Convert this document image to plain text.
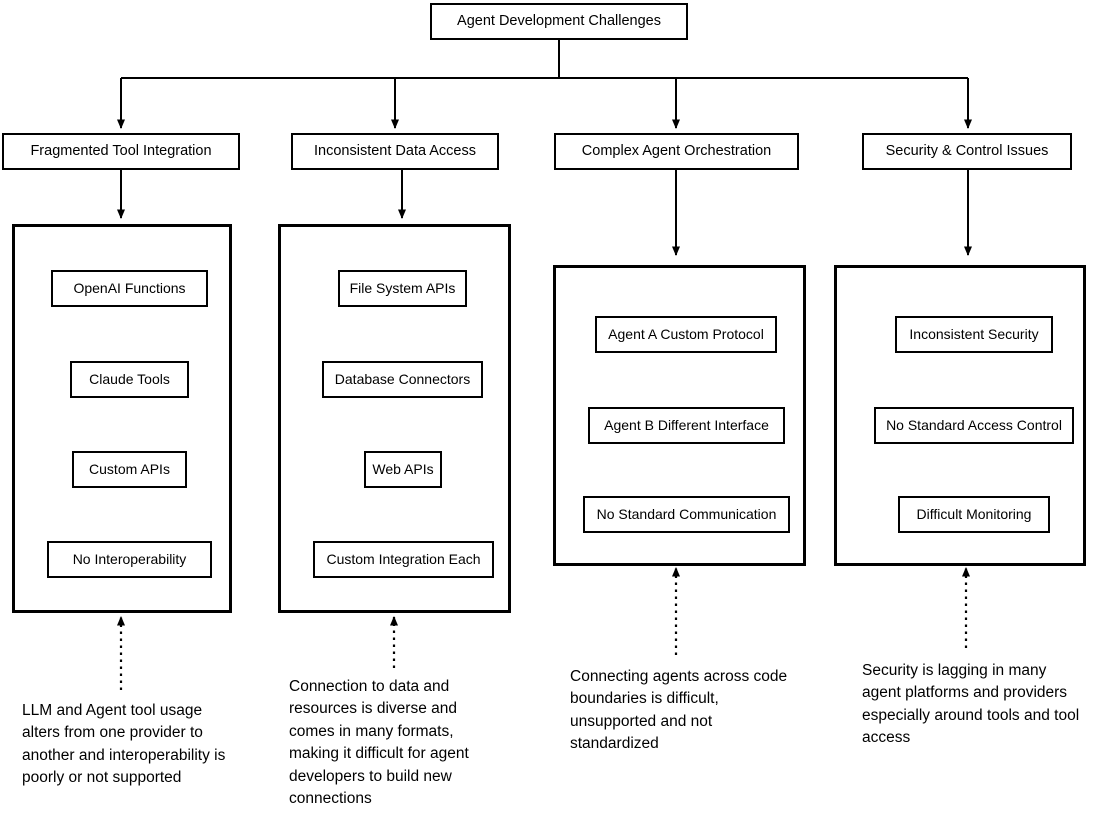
Agent Development Challenges
Fragmented Tool Integration	Inconsistent Data Access	Complex Agent Orchestration	Security & Control Issues
OpenAI Functions
Claude Tools
Custom APIs
No Interoperability
File System APIs
Database Connectors
Web APIs
Custom Integration Each
Agent A Custom Protocol
Agent B Different Interface
No Standard Communication
Inconsistent Security
No Standard Access Control
Difficult Monitoring
LLM and Agent tool usage alters from one provider to another and interoperability is poorly or not supported
Connection to data and resources is diverse and comes in many formats, making it difficult for agent developers to build new connections
Connecting agents across code boundaries is difficult, unsupported and not standardized
Security is lagging in many agent platforms and providers especially around tools and tool access
